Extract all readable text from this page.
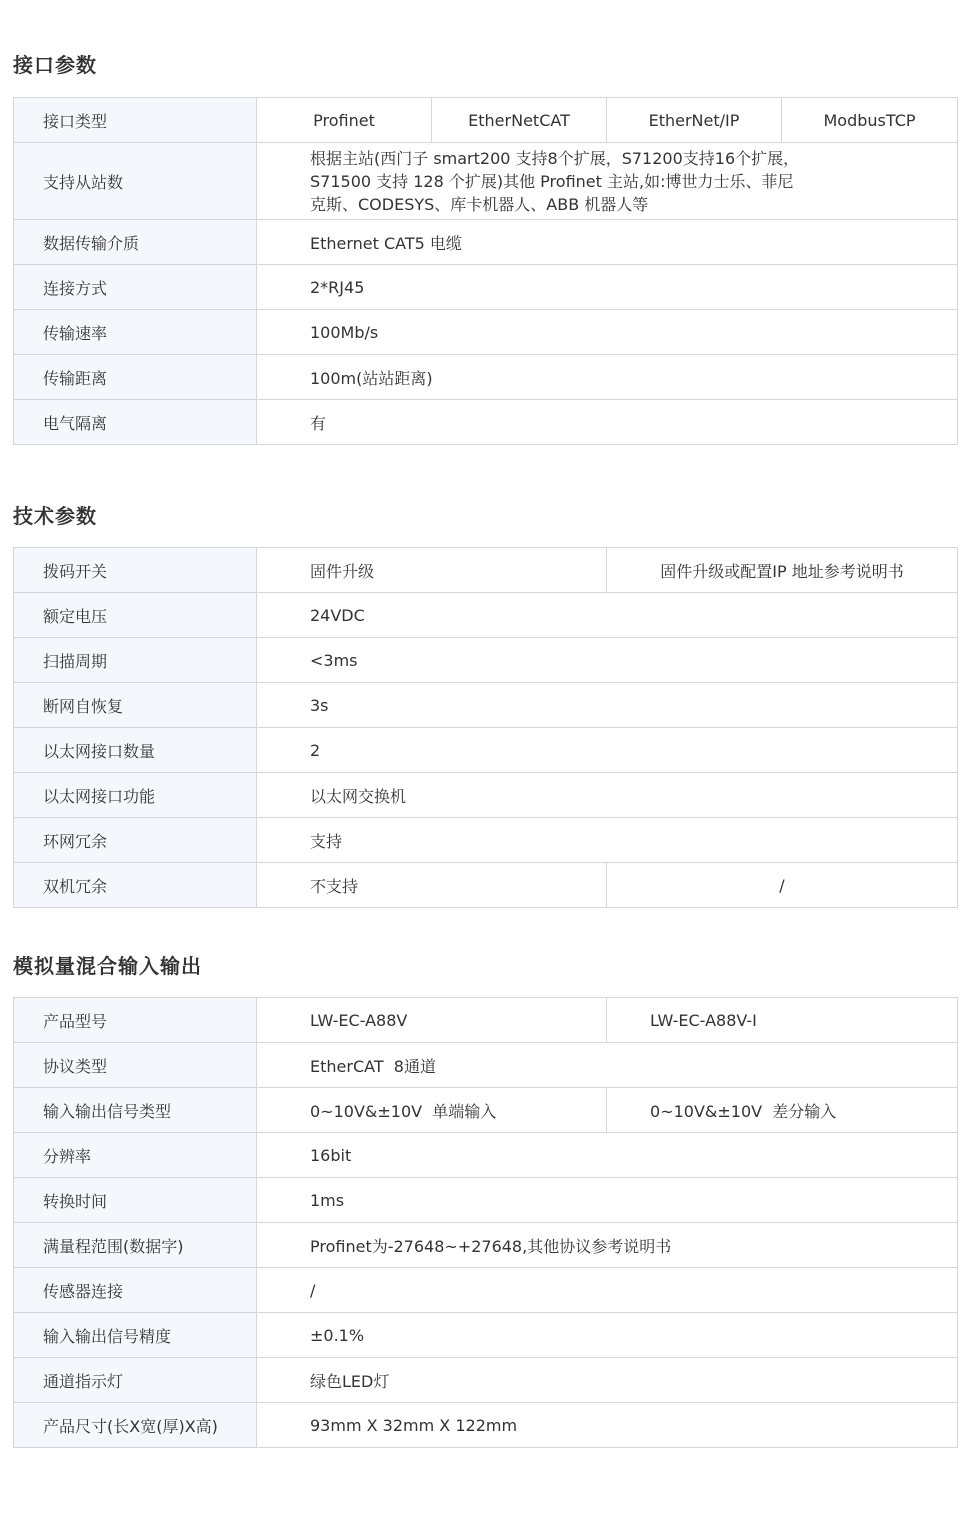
接口参数
接口类型	Profinet	EtherNetCAT	EtherNet/IP	ModbusTCP
支持从站数	根据主站(西门子 smart200 支持8个扩展，S71200支持16个扩展，
S71500 支持 128 个扩展)其他 Profinet 主站,如:博世力士乐、菲尼
克斯、CODESYS、库卡机器人、ABB 机器人等			

数据传输介质	Ethernet CAT5 电缆			
连接方式	2*RJ45			
传输速率	100Mb/s			
传输距离	100m(站站距离)			
电气隔离	有			
技术参数
拨码开关	固件升级	固件升级或配置IP 地址参考说明书
额定电压	24VDC	
扫描周期	<3ms	
断网自恢复	3s	
以太网接口数量	2	
以太网接口功能	以太网交换机	
环网冗余	支持	
双机冗余	不支持	/
模拟量混合输入输出
产品型号	LW-EC-A88V	LW-EC-A88V-I
协议类型	EtherCAT  8通道	
输入输出信号类型	0~10V&±10V  单端输入	0~10V&±10V  差分输入
分辨率	16bit	
转换时间	1ms	
满量程范围(数据字)	Profinet为-27648~+27648,其他协议参考说明书	
传感器连接	/	
输入输出信号精度	±0.1%	
通道指示灯	绿色LED灯	
产品尺寸(长X宽(厚)X高)	93mm X 32mm X 122mm	
